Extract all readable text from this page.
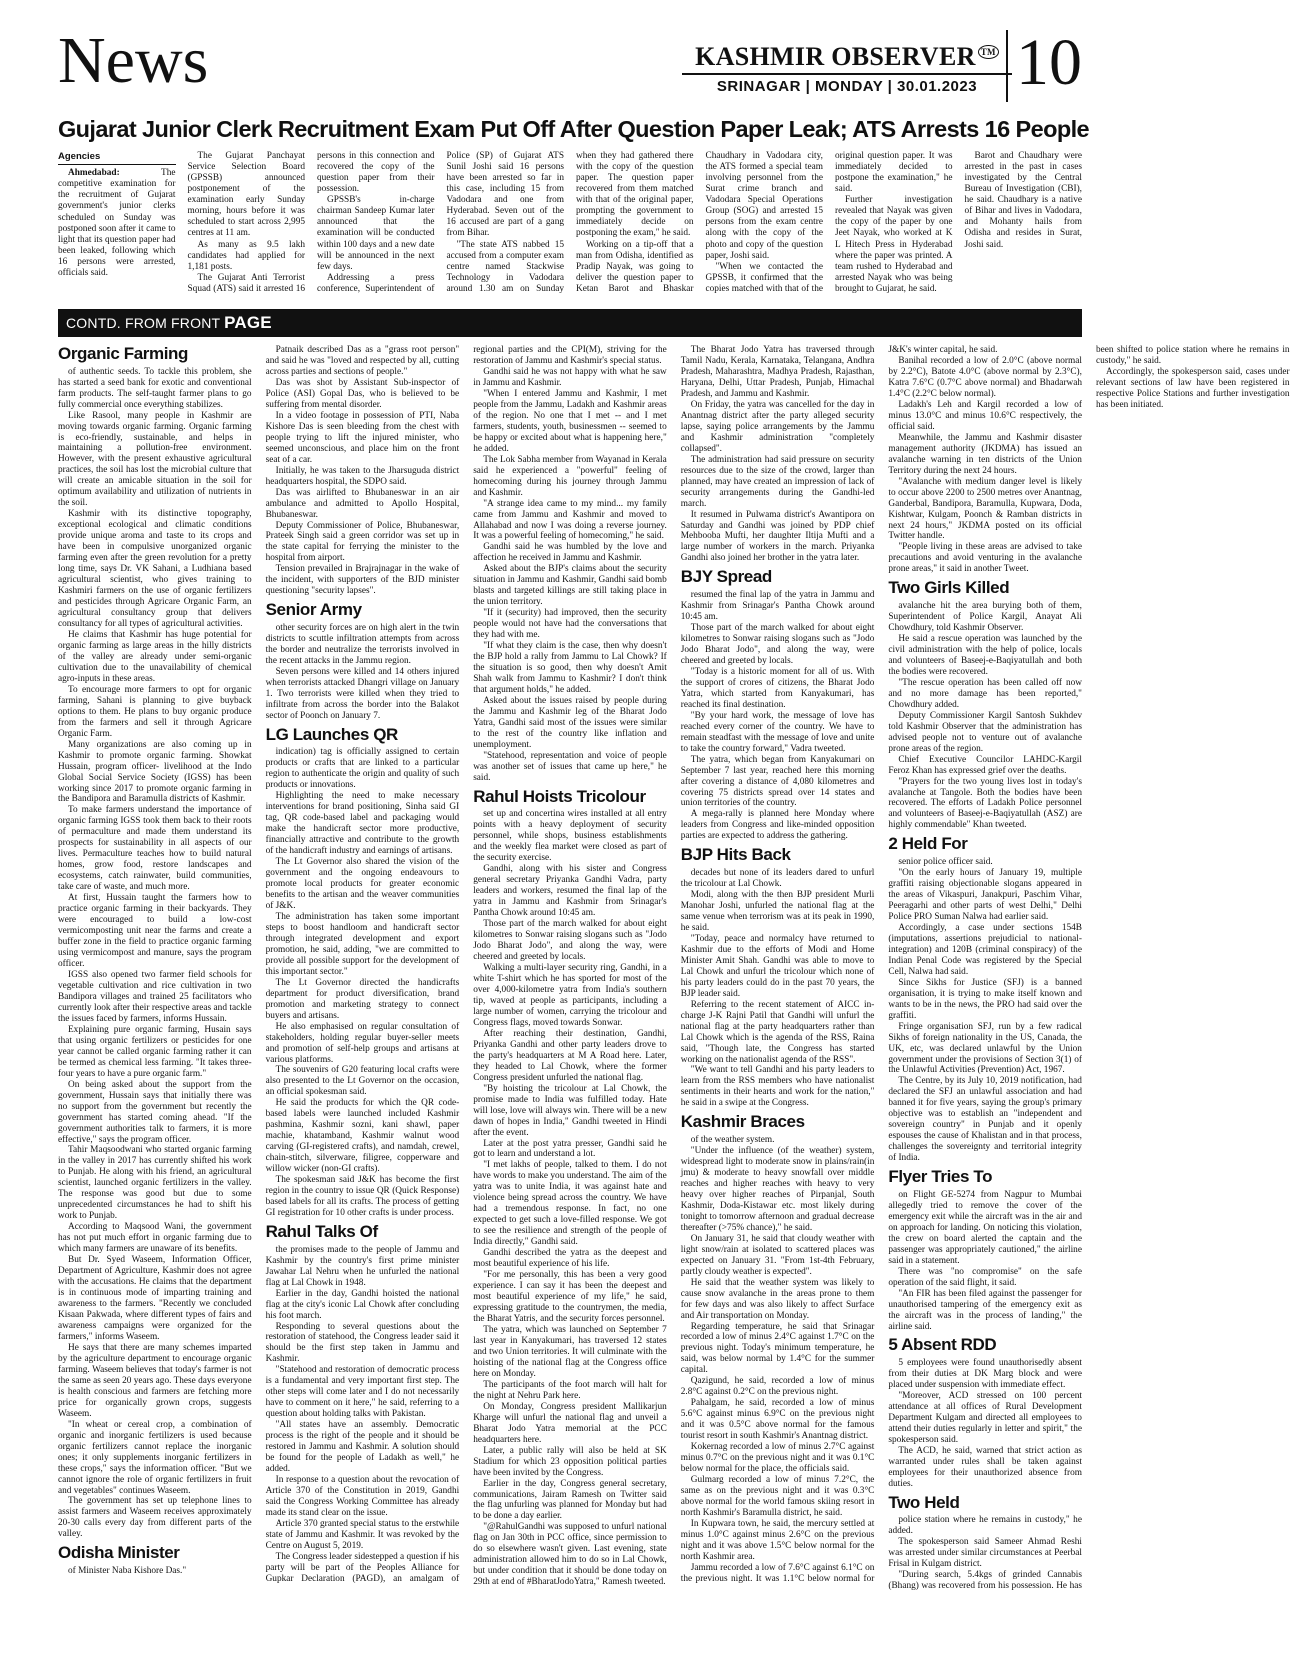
News	KASHMIR OBSERVER ™
SRINAGAR | MONDAY | 30.01.2023 10
Gujarat Junior Clerk Recruitment Exam Put Off After Question Paper Leak; ATS Arrests 16 People

Agencies

Ahmedabad:	The competitive examination for the recruitment of Gujarat government's junior clerks scheduled on Sunday was postponed soon after it came to light that its question paper had been leaked, following which 16 persons were arrested, officials said.

The Gujarat Panchayat Service Selection Board (GPSSB) announced postponement of the examination early Sunday morning, hours before it was scheduled to start across 2,995 centres at 11 am.

As many as 9.5 lakh candidates had applied for 1,181 posts.

The Gujarat Anti Terrorist Squad (ATS) said it arrested 16 persons in this connection and recovered the copy of the question paper from their possession.

GPSSB's in-charge chairman Sandeep Kumar later announced that the examination will be conducted within 100 days and a new date will be announced in the next few days.

Addressing a press conference, Superintendent of Police (SP) of Gujarat ATS Sunil Joshi said 16 persons have been arrested so far in this case, including 15 from Vadodara and one from Hyderabad. Seven out of the 16 accused are part of a gang from Bihar.

"The state ATS nabbed 15 accused from a computer exam centre named Stackwise Technology in Vadodara around 1.30 am on Sunday when they had gathered there with the copy of the question paper. The question paper recovered from them matched with that of the original paper, prompting the government to immediately decide on postponing the exam," he said.

Working on a tip-off that a man from Odisha, identified as Pradip Nayak, was going to deliver the question paper to Ketan Barot and Bhaskar Chaudhary in Vadodara city, the ATS formed a special team involving personnel from the Surat crime branch and Vadodara Special Operations Group (SOG) and arrested 15 persons from the exam centre along with the copy of the photo and copy of the question paper, Joshi said.

"When we contacted the GPSSB, it confirmed that the copies matched with that of the original question paper. It was immediately decided to postpone the examination," he said.

Further investigation revealed that Nayak was given the copy of the paper by one Jeet Nayak, who worked at K L Hitech Press in Hyderabad where the paper was printed. A team rushed to Hyderabad and arrested Nayak who was being brought to Gujarat, he said.

Barot and Chaudhary were arrested in the past in cases investigated by the Central Bureau of Investigation (CBI), he said. Chaudhary is a native of Bihar and lives in Vadodara, and Mohanty hails from Odisha and resides in Surat, Joshi said.

CONTD. FROM FRONT PAGE
Organic Farming

of authentic seeds. To tackle this problem, she has started a seed bank for exotic and conventional farm products. The self-taught farmer plans to go fully commercial once everything stabilizes.

Like Rasool, many people in Kashmir are moving towards organic farming. Organic farming is eco-friendly, sustainable, and helps in maintaining a pollution-free environment. However, with the present exhaustive agricultural practices, the soil has lost the microbial culture that will create an amicable situation in the soil for optimum availability and utilization of nutrients in the soil.

Kashmir with its distinctive topography, exceptional ecological and climatic conditions provide unique aroma and taste to its crops and have been in compulsive unorganized organic farming even after the green revolution for a pretty long time, says Dr. VK Sahani, a Ludhiana based agricultural scientist, who gives training to Kashmiri farmers on the use of organic fertilizers and pesticides through Agricare Organic Farm, an agricultural consultancy group that delivers consultancy for all types of agricultural activities.

He claims that Kashmir has huge potential for organic farming as large areas in the hilly districts of the valley are already under semi-organic cultivation due to the unavailability of chemical agro-inputs in these areas.

To encourage more farmers to opt for organic farming, Sahani is planning to give buyback options to them. He plans to buy organic produce from the farmers and sell it through Agricare Organic Farm.

Many organizations are also coming up in Kashmir to promote organic farming. Showkat Hussain, program officer- livelihood at the Indo Global Social Service Society (IGSS) has been working since 2017 to promote organic farming in the Bandipora and Baramulla districts of Kashmir.

To make farmers understand the importance of organic farming IGSS took them back to their roots of permaculture and made them understand its prospects for sustainability in all aspects of our lives. Permaculture teaches how to build natural homes, grow food, restore landscapes and ecosystems, catch rainwater, build communities, take care of waste, and much more.

At first, Hussain taught the farmers how to practice organic farming in their backyards. They were encouraged to build a low-cost vermicomposting unit near the farms and create a buffer zone in the field to practice organic farming using vermicompost and manure, says the program officer.

IGSS also opened two farmer field schools for vegetable cultivation and rice cultivation in two Bandipora villages and trained 25 facilitators who currently look after their respective areas and tackle the issues faced by farmers, informs Hussain.

Explaining pure organic farming, Husain says that using organic fertilizers or pesticides for one year cannot be called organic farming rather it can be termed as chemical less farming. "It takes three-four years to have a pure organic farm."

On being asked about the support from the government, Hussain says that initially there was no support from the government but recently the government has started coming ahead. "If the government authorities talk to farmers, it is more effective," says the program officer.

Tahir Maqsoodwani who started organic farming in the valley in 2017 has currently shifted his work to Punjab. He along with his friend, an agricultural scientist, launched organic fertilizers in the valley. The response was good but due to some unprecedented circumstances he had to shift his work to Punjab.

According to Maqsood Wani, the government has not put much effort in organic farming due to which many farmers are unaware of its benefits.

But Dr. Syed Waseem, Information Officer, Department of Agriculture, Kashmir does not agree with the accusations. He claims that the department is in continuous mode of imparting training and awareness to the farmers. "Recently we concluded Kisaan Pakwada, where different types of fairs and awareness campaigns were organized for the farmers," informs Waseem.

He says that there are many schemes imparted by the agriculture department to encourage organic farming. Waseem believes that today's farmer is not the same as seen 20 years ago. These days everyone is health conscious and farmers are fetching more price for organically grown crops, suggests Waseem.

"In wheat or cereal crop, a combination of organic and inorganic fertilizers is used because organic fertilizers cannot replace the inorganic ones; it only supplements inorganic fertilizers in these crops," says the information officer. "But we cannot ignore the role of organic fertilizers in fruit and vegetables" continues Waseem.

The government has set up telephone lines to assist farmers and Waseem receives approximately 20-30 calls every day from different parts of the valley.

Odisha Minister

of Minister Naba Kishore Das."

Patnaik described Das as a "grass root person" and said he was "loved and respected by all, cutting across parties and sections of people."

Das was shot by Assistant Sub-inspector of Police (ASI) Gopal Das, who is believed to be suffering from mental disorder.

In a video footage in possession of PTI, Naba Kishore Das is seen bleeding from the chest with people trying to lift the injured minister, who seemed unconscious, and place him on the front seat of a car.

Initially, he was taken to the Jharsuguda district headquarters hospital, the SDPO said.

Das was airlifted to Bhubaneswar in an air ambulance and admitted to Apollo Hospital, Bhubaneswar.

Deputy Commissioner of Police, Bhubaneswar, Prateek Singh said a green corridor was set up in the state capital for ferrying the minister to the hospital from airport.

Tension prevailed in Brajrajnagar in the wake of the incident, with supporters of the BJD minister questioning "security lapses".

Senior Army

other security forces are on high alert in the twin districts to scuttle infiltration attempts from across the border and neutralize the terrorists involved in the recent attacks in the Jammu region.

Seven persons were killed and 14 others injured when terrorists attacked Dhangri village on January 1. Two terrorists were killed when they tried to infiltrate from across the border into the Balakot sector of Poonch on January 7.

LG Launches QR

indication) tag is officially assigned to certain products or crafts that are linked to a particular region to authenticate the origin and quality of such products or innovations.

Highlighting the need to make necessary interventions for brand positioning, Sinha said GI tag, QR code-based label and packaging would make the handicraft sector more productive, financially attractive and contribute to the growth of the handicraft industry and earnings of artisans.

The Lt Governor also shared the vision of the government and the ongoing endeavours to promote local products for greater economic benefits to the artisan and the weaver communities of J&K.

The administration has taken some important steps to boost handloom and handicraft sector through integrated development and export promotion, he said, adding, "we are committed to provide all possible support for the development of this important sector."

The Lt Governor directed the handicrafts department for product diversification, brand promotion and marketing strategy to connect buyers and artisans.

He also emphasised on regular consultation of stakeholders, holding regular buyer-seller meets and promotion of self-help groups and artisans at various platforms.

The souvenirs of G20 featuring local crafts were also presented to the Lt Governor on the occasion, an official spokesman said.

He said the products for which the QR code-based labels were launched included Kashmir pashmina, Kashmir sozni, kani shawl, paper machie, khatamband, Kashmir walnut wood carving (GI-registered crafts), and namdah, crewel, chain-stitch, silverware, filigree, copperware and willow wicker (non-GI crafts).

The spokesman said J&K has become the first region in the country to issue QR (Quick Response) based labels for all its crafts. The process of getting GI registration for 10 other crafts is under process.

Rahul Talks Of

the promises made to the people of Jammu and Kashmir by the country's first prime minister Jawahar Lal Nehru when he unfurled the national flag at Lal Chowk in 1948.

Earlier in the day, Gandhi hoisted the national flag at the city's iconic Lal Chowk after concluding his foot march.

Responding to several questions about the restoration of statehood, the Congress leader said it should be the first step taken in Jammu and Kashmir.

"Statehood and restoration of democratic process is a fundamental and very important first step. The other steps will come later and I do not necessarily have to comment on it here," he said, referring to a question about holding talks with Pakistan.

"All states have an assembly. Democratic process is the right of the people and it should be restored in Jammu and Kashmir. A solution should be found for the people of Ladakh as well," he added.

In response to a question about the revocation of Article 370 of the Constitution in 2019, Gandhi said the Congress Working Committee has already made its stand clear on the issue.

Article 370 granted special status to the erstwhile state of Jammu and Kashmir. It was revoked by the Centre on August 5, 2019.

The Congress leader sidestepped a question if his party will be part of the Peoples Alliance for Gupkar Declaration (PAGD), an amalgam of regional parties and the CPI(M), striving for the restoration of Jammu and Kashmir's special status.

Gandhi said he was not happy with what he saw in Jammu and Kashmir.

"When I entered Jammu and Kashmir, I met people from the Jammu, Ladakh and Kashmir areas of the region. No one that I met -- and I met farmers, students, youth, businessmen -- seemed to be happy or excited about what is happening here," he added.

The Lok Sabha member from Wayanad in Kerala said he experienced a "powerful" feeling of homecoming during his journey through Jammu and Kashmir.

"A strange idea came to my mind... my family came from Jammu and Kashmir and moved to Allahabad and now I was doing a reverse journey. It was a powerful feeling of homecoming," he said.

Gandhi said he was humbled by the love and affection he received in Jammu and Kashmir.

Asked about the BJP's claims about the security situation in Jammu and Kashmir, Gandhi said bomb blasts and targeted killings are still taking place in the union territory.

"If it (security) had improved, then the security people would not have had the conversations that they had with me.

"If what they claim is the case, then why doesn't the BJP hold a rally from Jammu to Lal Chowk? If the situation is so good, then why doesn't Amit Shah walk from Jammu to Kashmir? I don't think that argument holds," he added.

Asked about the issues raised by people during the Jammu and Kashmir leg of the Bharat Jodo Yatra, Gandhi said most of the issues were similar to the rest of the country like inflation and unemployment.

"Statehood, representation and voice of people was another set of issues that came up here," he said.

Rahul Hoists Tricolour

set up and concertina wires installed at all entry points with a heavy deployment of security personnel, while shops, business establishments and the weekly flea market were closed as part of the security exercise.

Gandhi, along with his sister and Congress general secretary Priyanka Gandhi Vadra, party leaders and workers, resumed the final lap of the yatra in Jammu and Kashmir from Srinagar's Pantha Chowk around 10:45 am.

Those part of the march walked for about eight kilometres to Sonwar raising slogans such as "Jodo Jodo Bharat Jodo", and along the way, were cheered and greeted by locals.

Walking a multi-layer security ring, Gandhi, in a white T-shirt which he has sported for most of the over 4,000-kilometre yatra from India's southern tip, waved at people as participants, including a large number of women, carrying the tricolour and Congress flags, moved towards Sonwar.

After reaching their destination, Gandhi, Priyanka Gandhi and other party leaders drove to the party's headquarters at M A Road here. Later, they headed to Lal Chowk, where the former Congress president unfurled the national flag.

"By hoisting the tricolour at Lal Chowk, the promise made to India was fulfilled today. Hate will lose, love will always win. There will be a new dawn of hopes in India," Gandhi tweeted in Hindi after the event.

Later at the post yatra presser, Gandhi said he got to learn and understand a lot.

"I met lakhs of people, talked to them. I do not have words to make you understand. The aim of the yatra was to unite India, it was against hate and violence being spread across the country. We have had a tremendous response. In fact, no one expected to get such a love-filled response. We got to see the resilience and strength of the people of India directly," Gandhi said.

Gandhi described the yatra as the deepest and most beautiful experience of his life.

"For me personally, this has been a very good experience. I can say it has been the deepest and most beautiful experience of my life," he said, expressing gratitude to the countrymen, the media, the Bharat Yatris, and the security forces personnel.

The yatra, which was launched on September 7 last year in Kanyakumari, has traversed 12 states and two Union territories. It will culminate with the hoisting of the national flag at the Congress office here on Monday.

The participants of the foot march will halt for the night at Nehru Park here.

On Monday, Congress president Mallikarjun Kharge will unfurl the national flag and unveil a Bharat Jodo Yatra memorial at the PCC headquarters here.

Later, a public rally will also be held at SK Stadium for which 23 opposition political parties have been invited by the Congress.

Earlier in the day, Congress general secretary, communications, Jairam Ramesh on Twitter said the flag unfurling was planned for Monday but had to be done a day earlier.

"@RahulGandhi was supposed to unfurl national flag on Jan 30th in PCC office, since permission to do so elsewhere wasn't given. Last evening, state administration allowed him to do so in Lal Chowk, but under condition that it should be done today on 29th at end of #BharatJodoYatra," Ramesh tweeted.

The Bharat Jodo Yatra has traversed through Tamil Nadu, Kerala, Karnataka, Telangana, Andhra Pradesh, Maharashtra, Madhya Pradesh, Rajasthan, Haryana, Delhi, Uttar Pradesh, Punjab, Himachal Pradesh, and Jammu and Kashmir.

On Friday, the yatra was cancelled for the day in Anantnag district after the party alleged security lapse, saying police arrangements by the Jammu and Kashmir administration "completely collapsed".

The administration had said pressure on security resources due to the size of the crowd, larger than planned, may have created an impression of lack of security arrangements during the Gandhi-led march.

It resumed in Pulwama district's Awantipora on Saturday and Gandhi was joined by PDP chief Mehbooba Mufti, her daughter Iltija Mufti and a large number of workers in the march. Priyanka Gandhi also joined her brother in the yatra later.

BJY Spread

resumed the final lap of the yatra in Jammu and Kashmir from Srinagar's Pantha Chowk around 10:45 am.

Those part of the march walked for about eight kilometres to Sonwar raising slogans such as "Jodo Jodo Bharat Jodo", and along the way, were cheered and greeted by locals.

"Today is a historic moment for all of us. With the support of crores of citizens, the Bharat Jodo Yatra, which started from Kanyakumari, has reached its final destination.

"By your hard work, the message of love has reached every corner of the country. We have to remain steadfast with the message of love and unite to take the country forward," Vadra tweeted.

The yatra, which began from Kanyakumari on September 7 last year, reached here this morning after covering a distance of 4,080 kilometres and covering 75 districts spread over 14 states and union territories of the country.

A mega-rally is planned here Monday where leaders from Congress and like-minded opposition parties are expected to address the gathering.

BJP Hits Back

decades but none of its leaders dared to unfurl the tricolour at Lal Chowk.

Modi, along with the then BJP president Murli Manohar Joshi, unfurled the national flag at the same venue when terrorism was at its peak in 1990, he said.

"Today, peace and normalcy have returned to Kashmir due to the efforts of Modi and Home Minister Amit Shah. Gandhi was able to move to Lal Chowk and unfurl the tricolour which none of his party leaders could do in the past 70 years, the BJP leader said.

Referring to the recent statement of AICC in-charge J-K Rajni Patil that Gandhi will unfurl the national flag at the party headquarters rather than Lal Chowk which is the agenda of the RSS, Raina said, "Though late, the Congress has started working on the nationalist agenda of the RSS".

"We want to tell Gandhi and his party leaders to learn from the RSS members who have nationalist sentiments in their hearts and work for the nation," he said in a swipe at the Congress.

Kashmir Braces

of the weather system.

"Under the influence (of the weather) system, widespread light to moderate snow in plains/rain(in jmu) & moderate to heavy snowfall over middle reaches and higher reaches with heavy to very heavy over higher reaches of Pirpanjal, South Kashmir, Doda-Kistawar etc. most likely during tonight to tomorrow afternoon and gradual decrease thereafter (>75% chance)," he said.

On January 31, he said that cloudy weather with light snow/rain at isolated to scattered places was expected on January 31. "From 1st-4th February, partly cloudy weather is expected".

He said that the weather system was likely to cause snow avalanche in the areas prone to them for few days and was also likely to affect Surface and Air transportation on Monday.

Regarding temperature, he said that Srinagar recorded a low of minus 2.4°C against 1.7°C on the previous night. Today's minimum temperature, he said, was below normal by 1.4°C for the summer capital.

Qazigund, he said, recorded a low of minus 2.8°C against 0.2°C on the previous night.

Pahalgam, he said, recorded a low of minus 5.6°C against minus 6.9°C on the previous night and it was 0.5°C above normal for the famous tourist resort in south Kashmir's Anantnag district.

Kokernag recorded a low of minus 2.7°C against minus 0.7°C on the previous night and it was 0.1°C below normal for the place, the officials said.

Gulmarg recorded a low of minus 7.2°C, the same as on the previous night and it was 0.3°C above normal for the world famous skiing resort in north Kashmir's Baramulla district, he said.

In Kupwara town, he said, the mercury settled at minus 1.0°C against minus 2.6°C on the previous night and it was above 1.5°C below normal for the north Kashmir area.

Jammu recorded a low of 7.6°C against 6.1°C on the previous night. It was 1.1°C below normal for J&K's winter capital, he said.

Banihal recorded a low of 2.0°C (above normal by 2.2°C), Batote 4.0°C (above normal by 2.3°C), Katra 7.6°C (0.7°C above normal) and Bhadarwah 1.4°C (2.2°C below normal).

Ladakh's Leh and Kargil recorded a low of minus 13.0°C and minus 10.6°C respectively, the official said.

Meanwhile, the Jammu and Kashmir disaster management authority (JKDMA) has issued an avalanche warning in ten districts of the Union Territory during the next 24 hours.

"Avalanche with medium danger level is likely to occur above 2200 to 2500 metres over Anantnag, Ganderbal, Bandipora, Baramulla, Kupwara, Doda, Kishtwar, Kulgam, Poonch & Ramban districts in next 24 hours," JKDMA posted on its official Twitter handle.

"People living in these areas are advised to take precautions and avoid venturing in the avalanche prone areas," it said in another Tweet.

Two Girls Killed

avalanche hit the area burying both of them, Superintendent of Police Kargil, Anayat Ali Chowdhury, told Kashmir Observer.

He said a rescue operation was launched by the civil administration with the help of police, locals and volunteers of Baseej-e-Baqiyatullah and both the bodies were recovered.

"The rescue operation has been called off now and no more damage has been reported," Chowdhury added.

Deputy Commissioner Kargil Santosh Sukhdev told Kashmir Observer that the administration has advised people not to venture out of avalanche prone areas of the region.

Chief Executive Councilor LAHDC-Kargil Feroz Khan has expressed grief over the deaths.

"Prayers for the two young lives lost in today's avalanche at Tangole. Both the bodies have been recovered. The efforts of Ladakh Police personnel and volunteers of Baseej-e-Baqiyatullah (ASZ) are highly commendable" Khan tweeted.

2 Held For

senior police officer said.

"On the early hours of January 19, multiple graffiti raising objectionable slogans appeared in the areas of Vikaspuri, Janakpuri, Paschim Vihar, Peeragarhi and other parts of west Delhi," Delhi Police PRO Suman Nalwa had earlier said.

Accordingly, a case under sections 154B (imputations, assertions prejudicial to national-integration) and 120B (criminal conspiracy) of the Indian Penal Code was registered by the Special Cell, Nalwa had said.

Since Sikhs for Justice (SFJ) is a banned organisation, it is trying to make itself known and wants to be in the news, the PRO had said over the graffiti.

Fringe organisation SFJ, run by a few radical Sikhs of foreign nationality in the US, Canada, the UK, etc, was declared unlawful by the Union government under the provisions of Section 3(1) of the Unlawful Activities (Prevention) Act, 1967.

The Centre, by its July 10, 2019 notification, had declared the SFJ an unlawful association and had banned it for five years, saying the group's primary objective was to establish an "independent and sovereign country" in Punjab and it openly espouses the cause of Khalistan and in that process, challenges the sovereignty and territorial integrity of India.

Flyer Tries To

on Flight GE-5274 from Nagpur to Mumbai allegedly tried to remove the cover of the emergency exit while the aircraft was in the air and on approach for landing. On noticing this violation, the crew on board alerted the captain and the passenger was appropriately cautioned," the airline said in a statement.

There was "no compromise" on the safe operation of the said flight, it said.

"An FIR has been filed against the passenger for unauthorised tampering of the emergency exit as the aircraft was in the process of landing," the airline said.

5 Absent RDD

5 employees were found unauthorisedly absent from their duties at DK Marg block and were placed under suspension with immediate effect.

"Moreover, ACD stressed on 100 percent attendance at all offices of Rural Development Department Kulgam and directed all employees to attend their duties regularly in letter and spirit," the spokesperson said.

The ACD, he said, warned that strict action as warranted under rules shall be taken against employees for their unauthorized absence from duties.

Two Held

police station where he remains in custody," he added.

The spokesperson said Sameer Ahmad Reshi was arrested under similar circumstances at Peerbal Frisal in Kulgam district.

"During search, 5.4kgs of grinded Cannabis (Bhang) was recovered from his possession. He has been shifted to police station where he remains in custody," he said.

Accordingly, the spokesperson said, cases under relevant sections of law have been registered in respective Police Stations and further investigation has been initiated.
